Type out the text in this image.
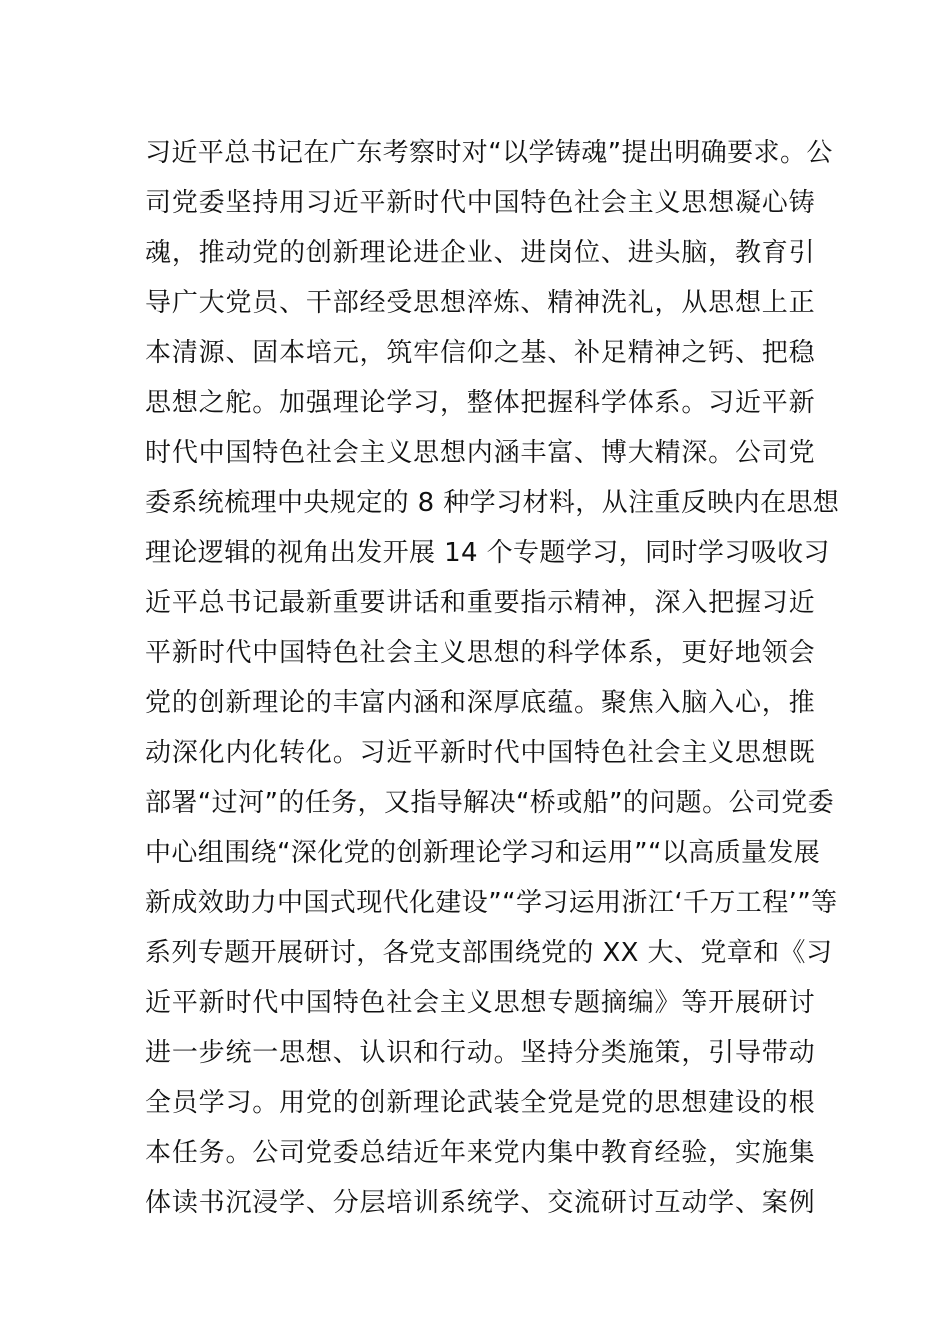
习近平总书记在广东考察时对“以学铸魂”提出明确要求。公
司党委坚持用习近平新时代中国特色社会主义思想凝心铸
魂，推动党的创新理论进企业、进岗位、进头脑，教育引
导广大党员、干部经受思想淬炼、精神洗礼，从思想上正
本清源、固本培元，筑牢信仰之基、补足精神之钙、把稳
思想之舵。加强理论学习，整体把握科学体系。习近平新
时代中国特色社会主义思想内涵丰富、博大精深。公司党
委系统梳理中央规定的 8 种学习材料，从注重反映内在思想
理论逻辑的视角出发开展 14 个专题学习，同时学习吸收习
近平总书记最新重要讲话和重要指示精神，深入把握习近
平新时代中国特色社会主义思想的科学体系，更好地领会
党的创新理论的丰富内涵和深厚底蕴。聚焦入脑入心，推
动深化内化转化。习近平新时代中国特色社会主义思想既
部署“过河”的任务，又指导解决“桥或船”的问题。公司党委
中心组围绕“深化党的创新理论学习和运用”“以高质量发展
新成效助力中国式现代化建设”“学习运用浙江‘千万工程’”等
系列专题开展研讨，各党支部围绕党的 XX 大、党章和《习
近平新时代中国特色社会主义思想专题摘编》等开展研讨
进一步统一思想、认识和行动。坚持分类施策，引导带动
全员学习。用党的创新理论武装全党是党的思想建设的根
本任务。公司党委总结近年来党内集中教育经验，实施集
体读书沉浸学、分层培训系统学、交流研讨互动学、案例
